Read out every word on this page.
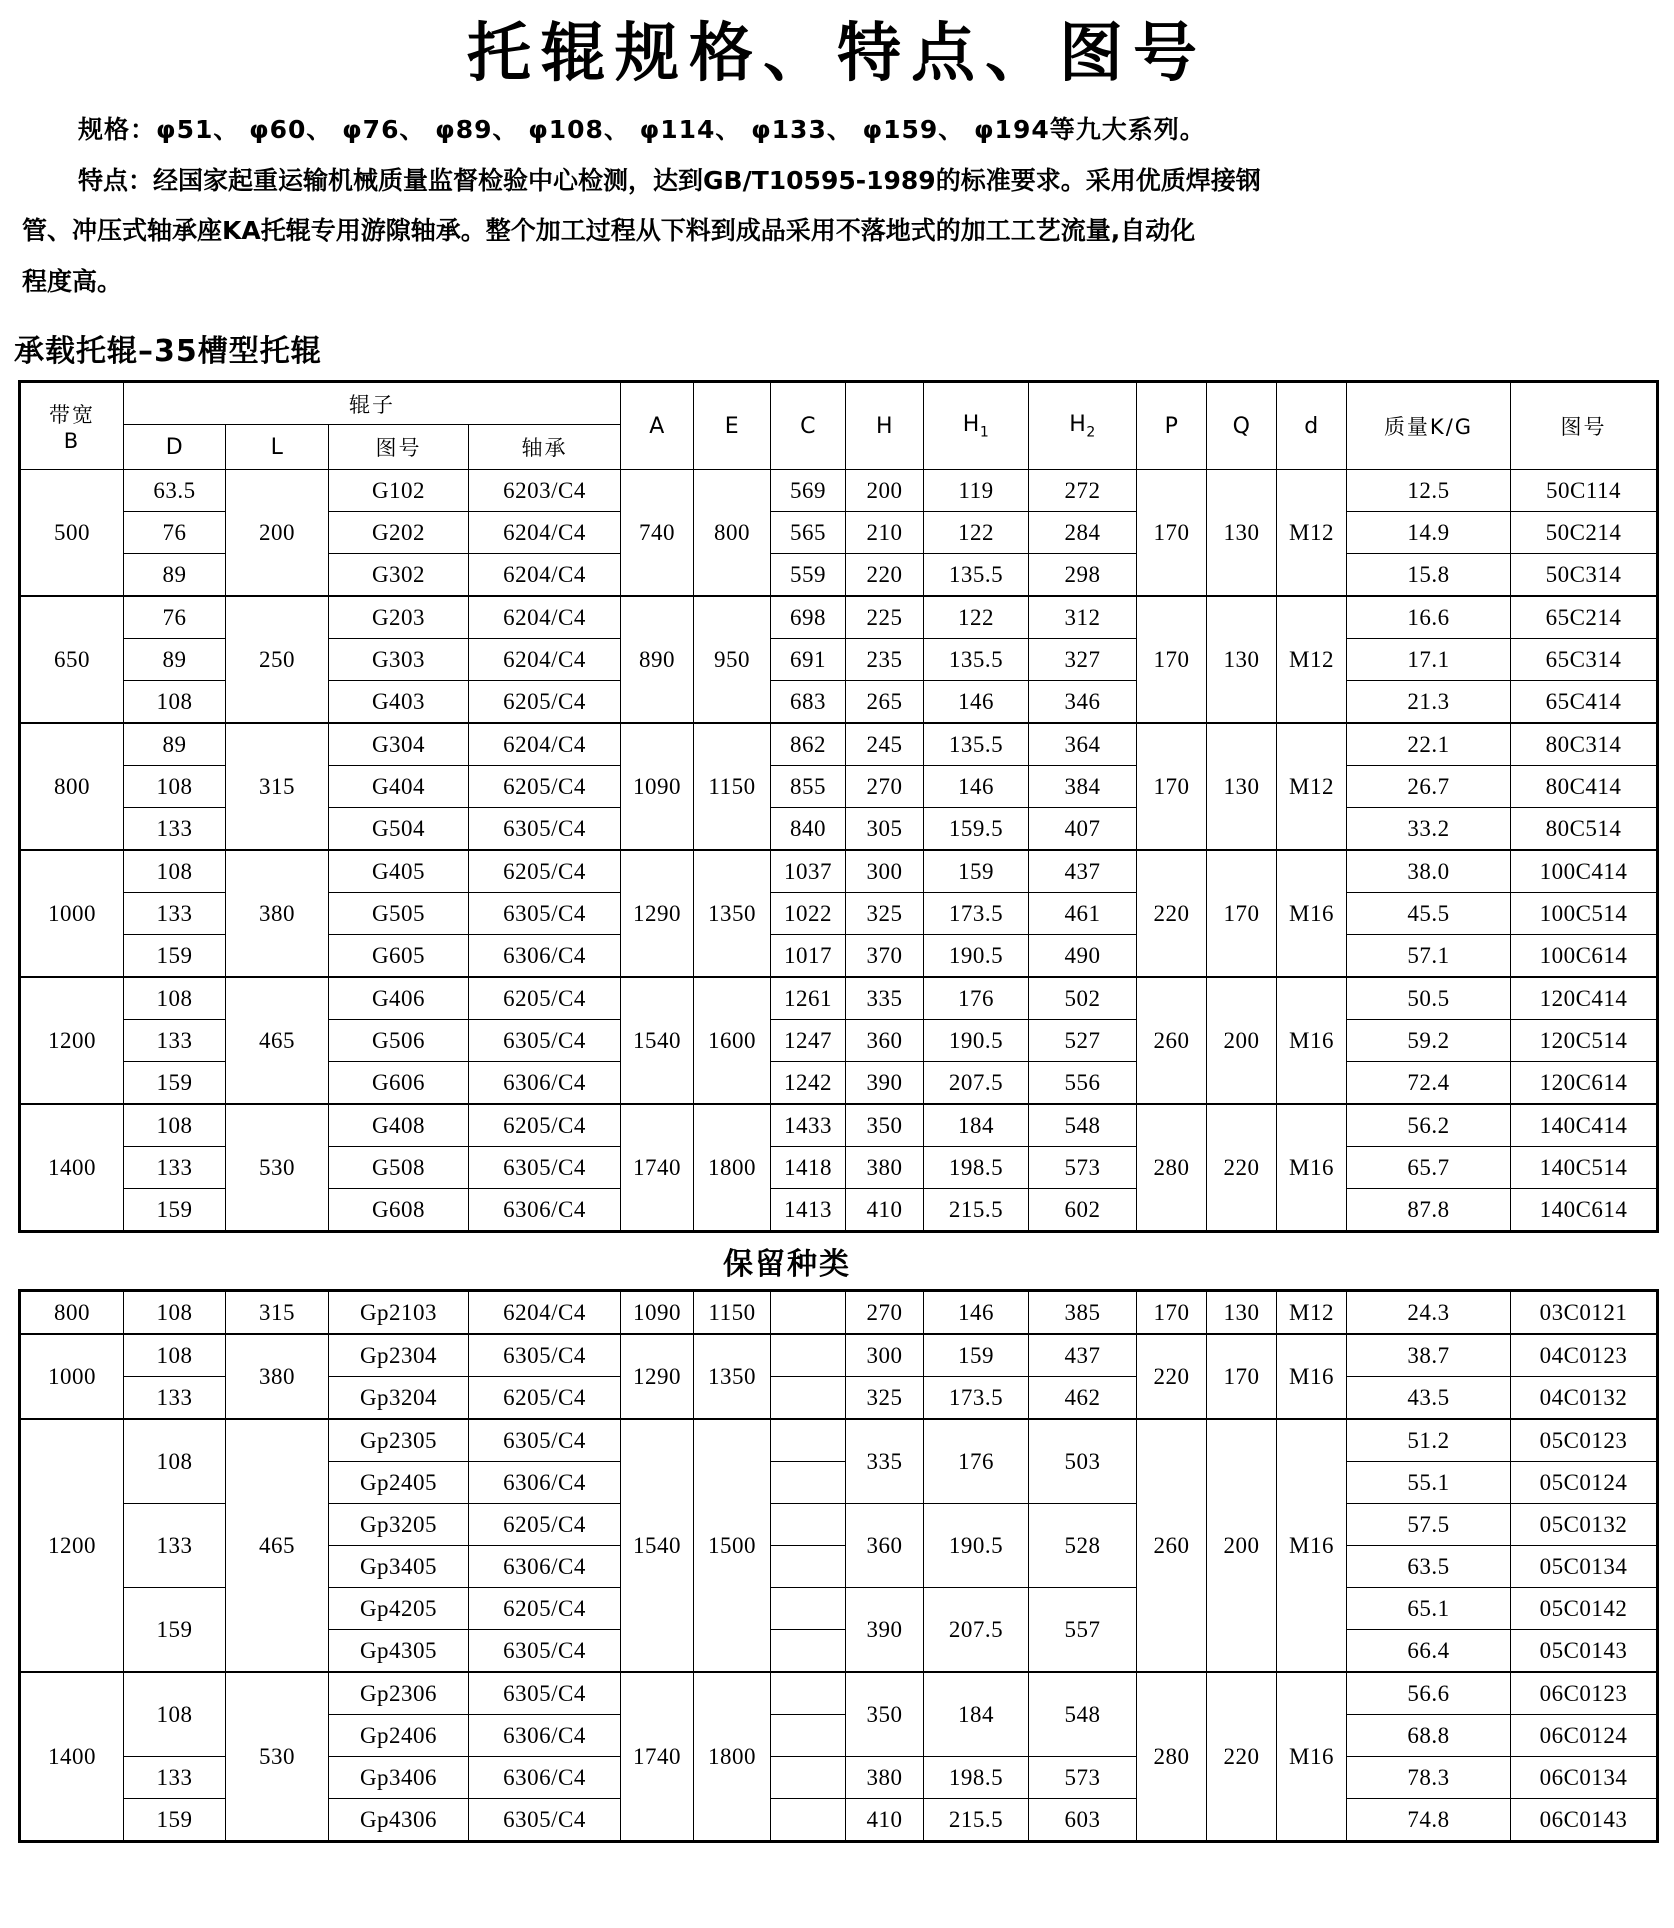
托辊规格、特点、图号

规格：φ51、 φ60、 φ76、 φ89、 φ108、 φ114、 φ133、 φ159、 φ194等九大系列。

特点：经国家起重运输机械质量监督检验中心检测，达到GB/T10595-1989的标准要求。采用优质焊接钢

管、冲压式轴承座KA托辊专用游隙轴承。整个加工过程从下料到成品采用不落地式的加工工艺流量,自动化

程度高。

承载托辊–35槽型托辊
带宽
B	辊子				A	E	C	H	$H_1$	$H_2$	P	Q	d	质量K/G	图号
	D	L	图号	轴承											
500	63.5	200	G102	6203/C4	740	800	569	200	119	272	170	130	M12	12.5	50C114
	76		G202	6204/C4			565	210	122	284				14.9	50C214
	89		G302	6204/C4			559	220	135.5	298				15.8	50C314
650	76	250	G203	6204/C4	890	950	698	225	122	312	170	130	M12	16.6	65C214
	89		G303	6204/C4			691	235	135.5	327				17.1	65C314
	108		G403	6205/C4			683	265	146	346				21.3	65C414
800	89	315	G304	6204/C4	1090	1150	862	245	135.5	364	170	130	M12	22.1	80C314
	108		G404	6205/C4			855	270	146	384				26.7	80C414
	133		G504	6305/C4			840	305	159.5	407				33.2	80C514
1000	108	380	G405	6205/C4	1290	1350	1037	300	159	437	220	170	M16	38.0	100C414
	133		G505	6305/C4			1022	325	173.5	461				45.5	100C514
	159		G605	6306/C4			1017	370	190.5	490				57.1	100C614
1200	108	465	G406	6205/C4	1540	1600	1261	335	176	502	260	200	M16	50.5	120C414
	133		G506	6305/C4			1247	360	190.5	527				59.2	120C514
	159		G606	6306/C4			1242	390	207.5	556				72.4	120C614
1400	108	530	G408	6205/C4	1740	1800	1433	350	184	548	280	220	M16	56.2	140C414
	133		G508	6305/C4			1418	380	198.5	573				65.7	140C514
	159		G608	6306/C4			1413	410	215.5	602				87.8	140C614
保留种类
800	108	315	Gp2103	6204/C4	1090	1150		270	146	385	170	130	M12	24.3	03C0121
1000	108	380	Gp2304	6305/C4	1290	1350		300	159	437	220	170	M16	38.7	04C0123
	133		Gp3204	6205/C4				325	173.5	462				43.5	04C0132
1200	108	465	Gp2305	6305/C4	1540	1500		335	176	503	260	200	M16	51.2	05C0123
			Gp2405	6306/C4										55.1	05C0124
	133		Gp3205	6205/C4				360	190.5	528				57.5	05C0132
			Gp3405	6306/C4										63.5	05C0134
	159		Gp4205	6205/C4				390	207.5	557				65.1	05C0142
			Gp4305	6305/C4										66.4	05C0143
1400	108	530	Gp2306	6305/C4	1740	1800		350	184	548	280	220	M16	56.6	06C0123
			Gp2406	6306/C4										68.8	06C0124
	133		Gp3406	6306/C4				380	198.5	573				78.3	06C0134
	159		Gp4306	6305/C4				410	215.5	603				74.8	06C0143
